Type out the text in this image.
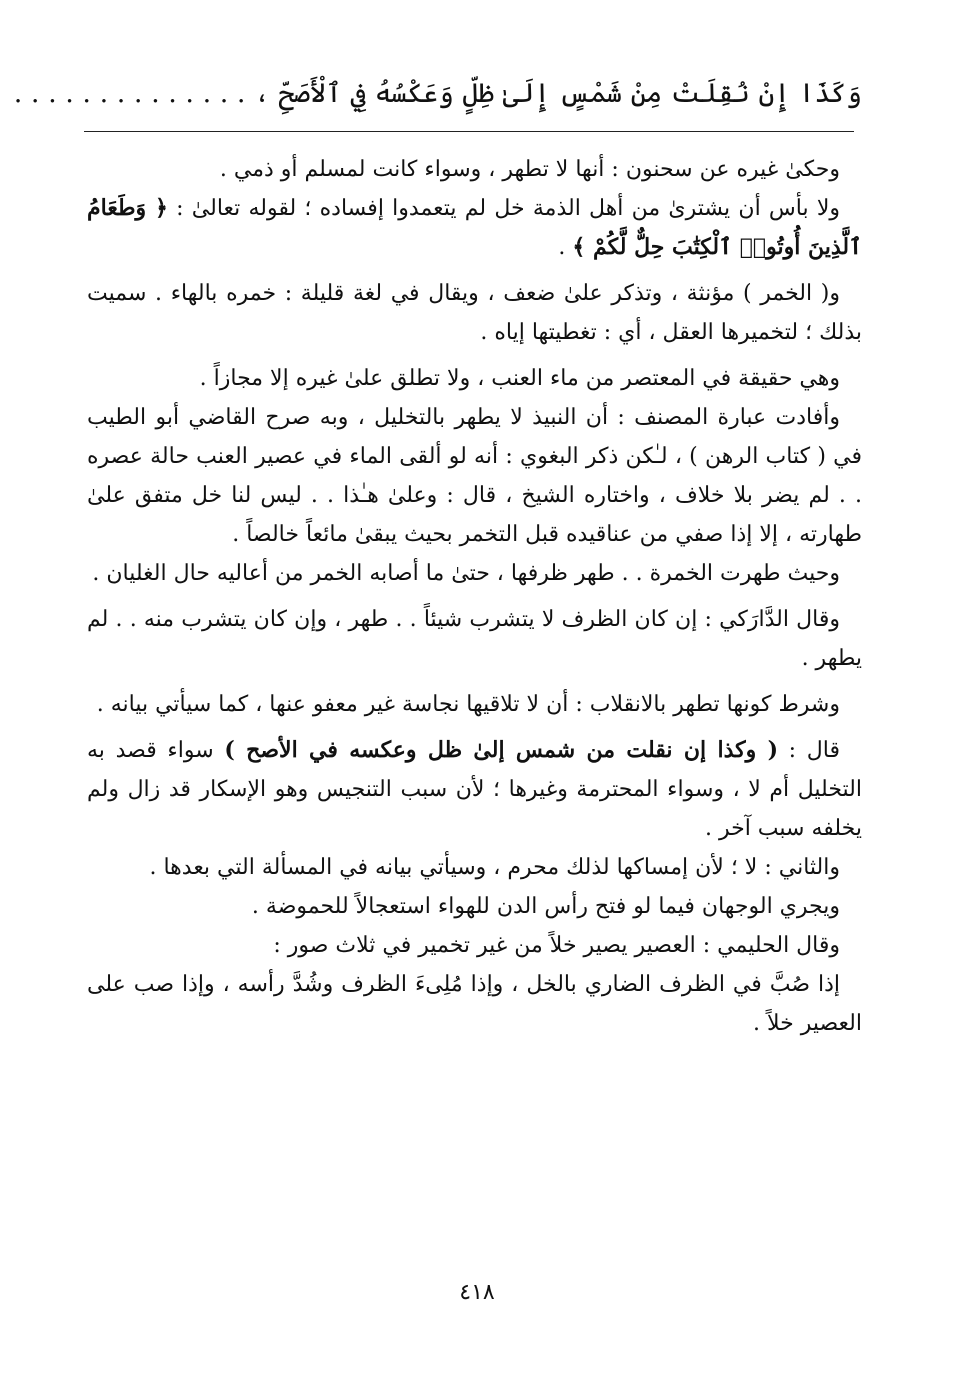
وَكَذَا إِنْ نُقِلَتْ مِنْ شَمْسٍ إِلَىٰ ظِلٍّ وَعَكْسُهُ فِي ٱلْأَصَحِّ ، . . . . . . . . . . . . . .

وحكىٰ غيره عن سحنون : أنها لا تطهر ، وسواء كانت لمسلم أو ذمي .

ولا بأس أن يشترىٰ من أهل الذمة خل لم يتعمدوا إفساده ؛ لقوله تعالىٰ : ﴿ وَطَعَامُ ٱلَّذِينَ أُوتُوا۟ ٱلْكِتَٰبَ حِلٌّ لَّكُمْ ﴾ .

و( الخمر ) مؤنثة ، وتذكر علىٰ ضعف ، ويقال في لغة قليلة : خمره بالهاء . سميت بذلك ؛ لتخميرها العقل ، أي : تغطيتها إياه .

وهي حقيقة في المعتصر من ماء العنب ، ولا تطلق علىٰ غيره إلا مجازاً .

وأفادت عبارة المصنف : أن النبيذ لا يطهر بالتخليل ، وبه صرح القاضي أبو الطيب في ( كتاب الرهن ) ، لـٰكن ذكر البغوي : أنه لو ألقى الماء في عصير العنب حالة عصره . . لم يضر بلا خلاف ، واختاره الشيخ ، قال : وعلىٰ هـٰذا . . ليس لنا خل متفق علىٰ طهارته ، إلا إذا صفي من عناقيده قبل التخمر بحيث يبقىٰ مائعاً خالصاً .

وحيث طهرت الخمرة . . طهر ظرفها ، حتىٰ ما أصابه الخمر من أعاليه حال الغليان .

وقال الدَّارَكي : إن كان الظرف لا يتشرب شيئاً . . طهر ، وإن كان يتشرب منه . . لم يطهر .

وشرط كونها تطهر بالانقلاب : أن لا تلاقيها نجاسة غير معفو عنها ، كما سيأتي بيانه .

قال : ( وكذا إن نقلت من شمس إلىٰ ظل وعكسه في الأصح ) سواء قصد به التخليل أم لا ، وسواء المحترمة وغيرها ؛ لأن سبب التنجيس وهو الإسكار قد زال ولم يخلفه سبب آخر .

والثاني : لا ؛ لأن إمساكها لذلك محرم ، وسيأتي بيانه في المسألة التي بعدها .

ويجري الوجهان فيما لو فتح رأس الدن للهواء استعجالاً للحموضة .

وقال الحليمي : العصير يصير خلاً من غير تخمير في ثلاث صور :

إذا صُبَّ في الظرف الضاري بالخل ، وإذا مُلِىءَ الظرف وشُدَّ رأسه ، وإذا صب على العصير خلاً .

٤١٨
